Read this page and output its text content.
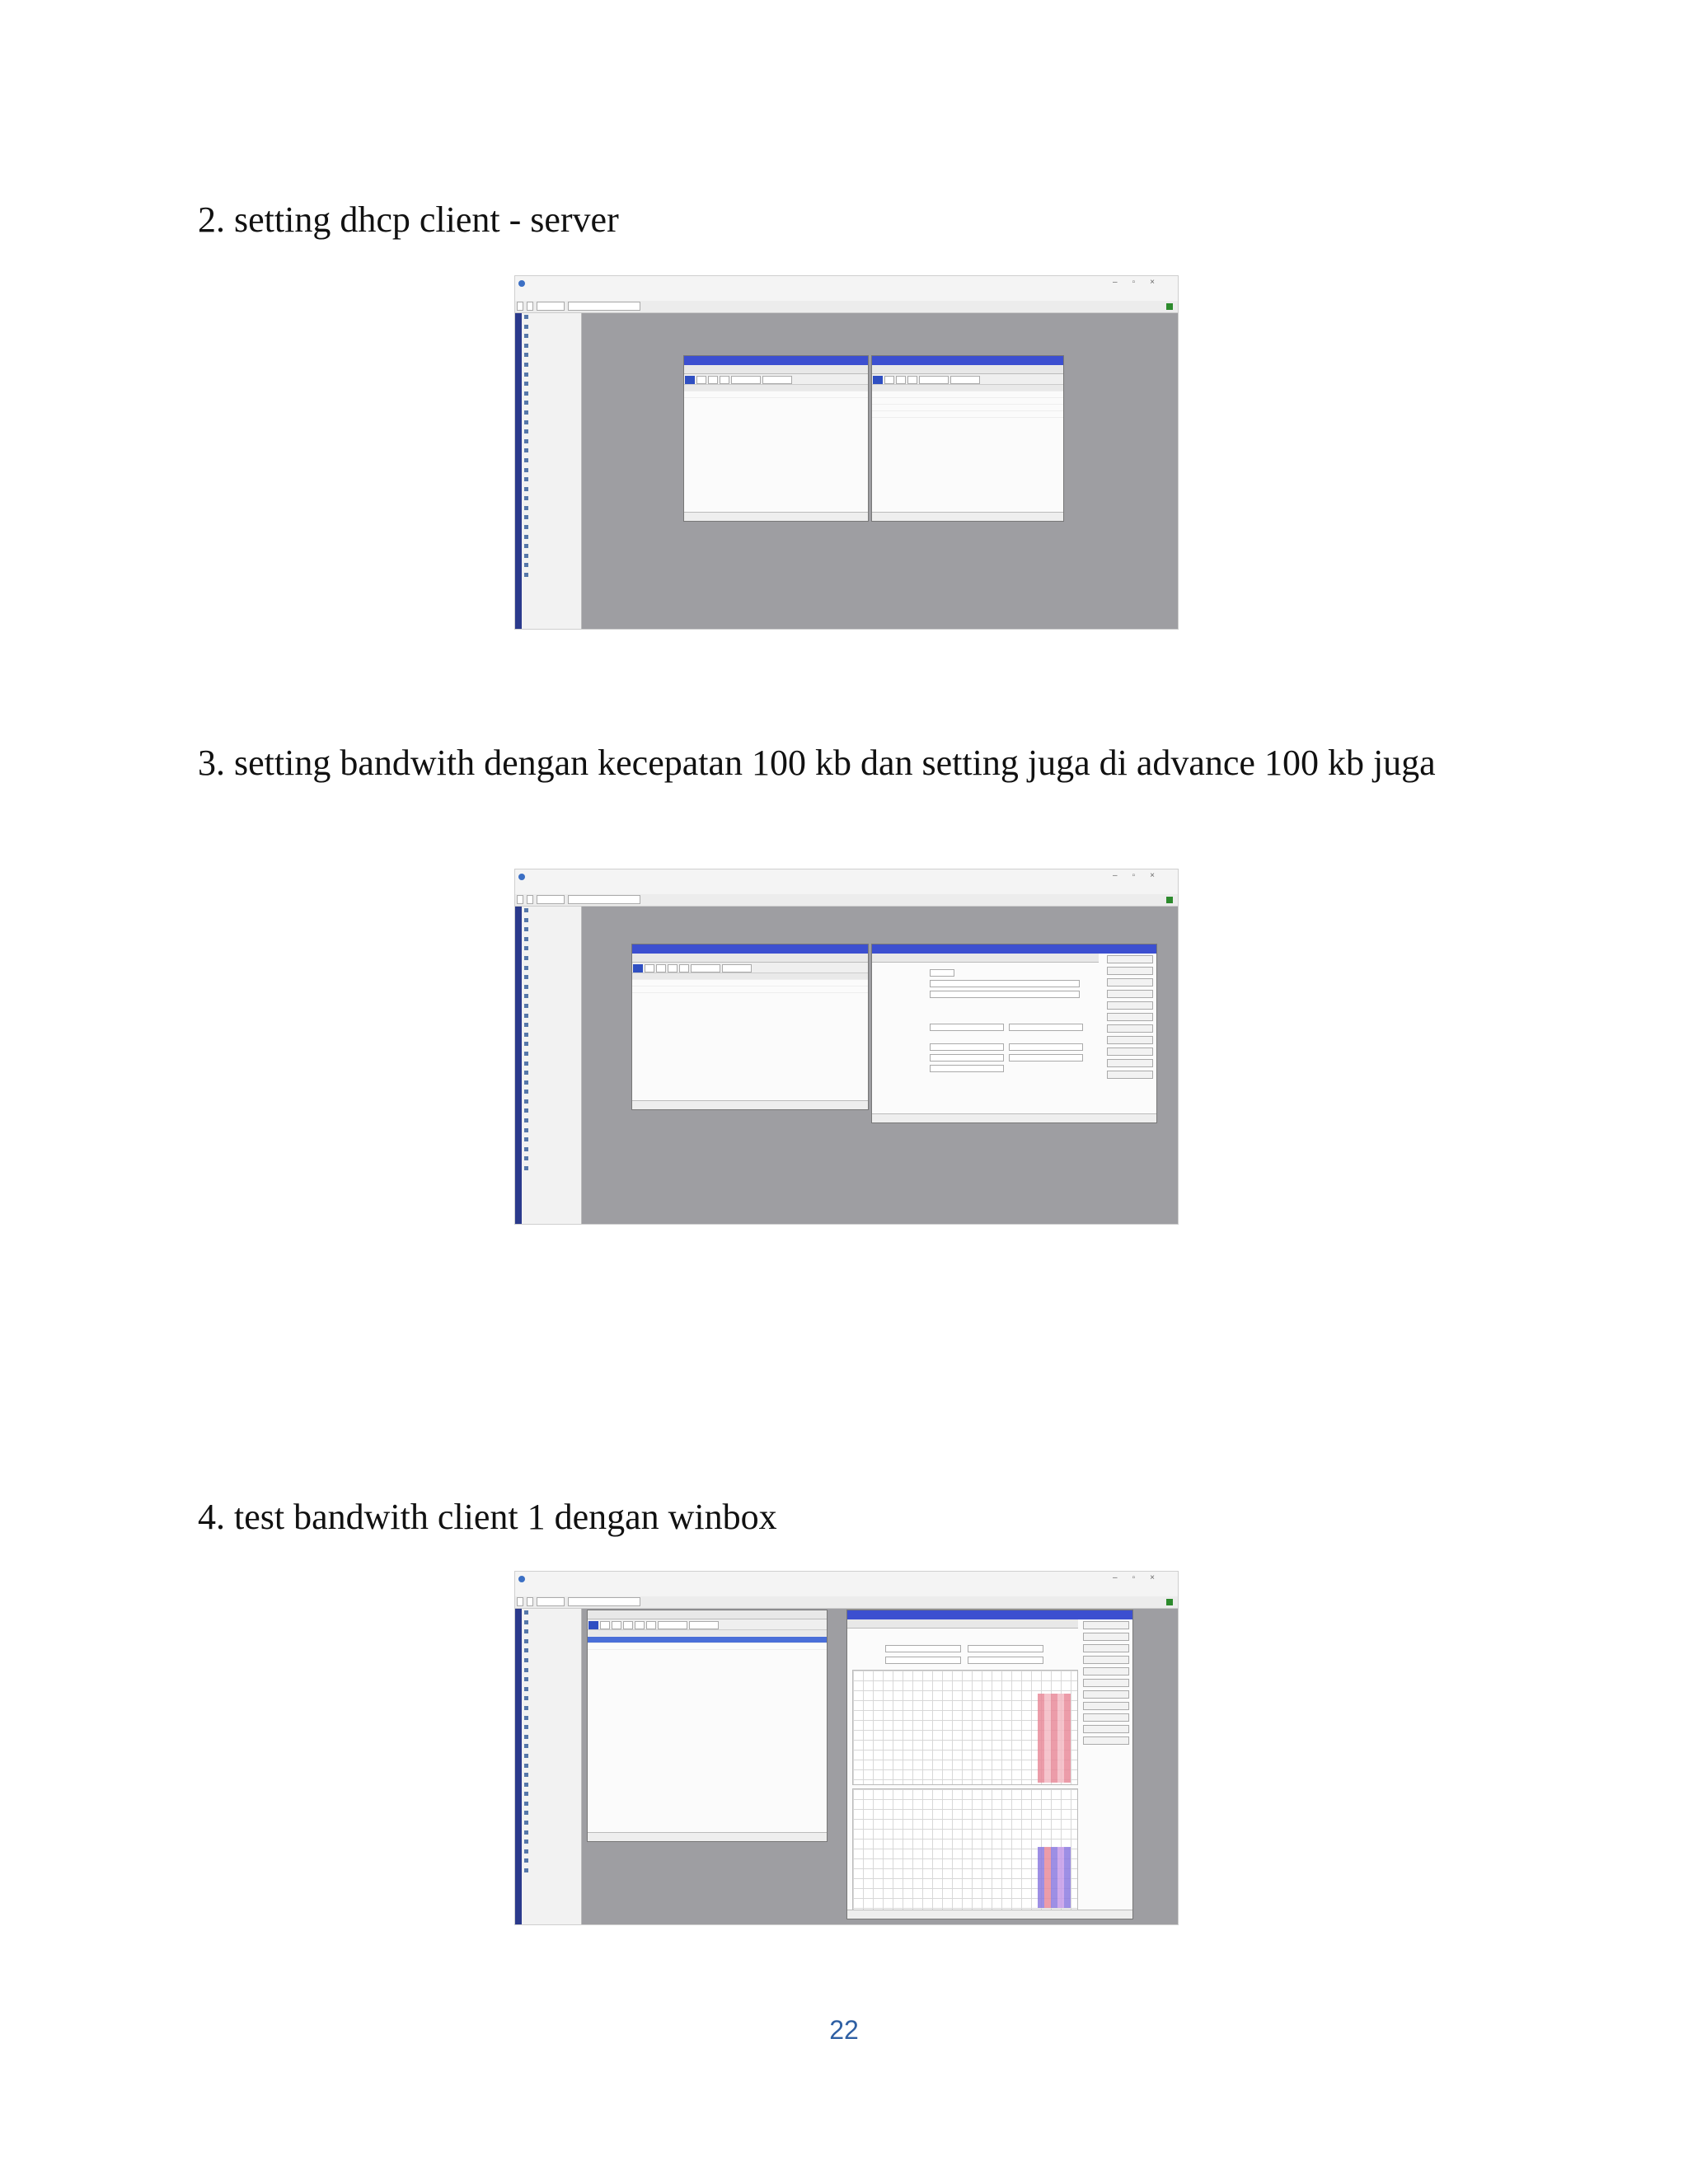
2. setting dhcp client - server
–▫×
3. setting bandwith dengan kecepatan 100 kb dan setting juga di advance 100 kb juga
–▫×
4. test bandwith client 1 dengan winbox
–▫×
22
